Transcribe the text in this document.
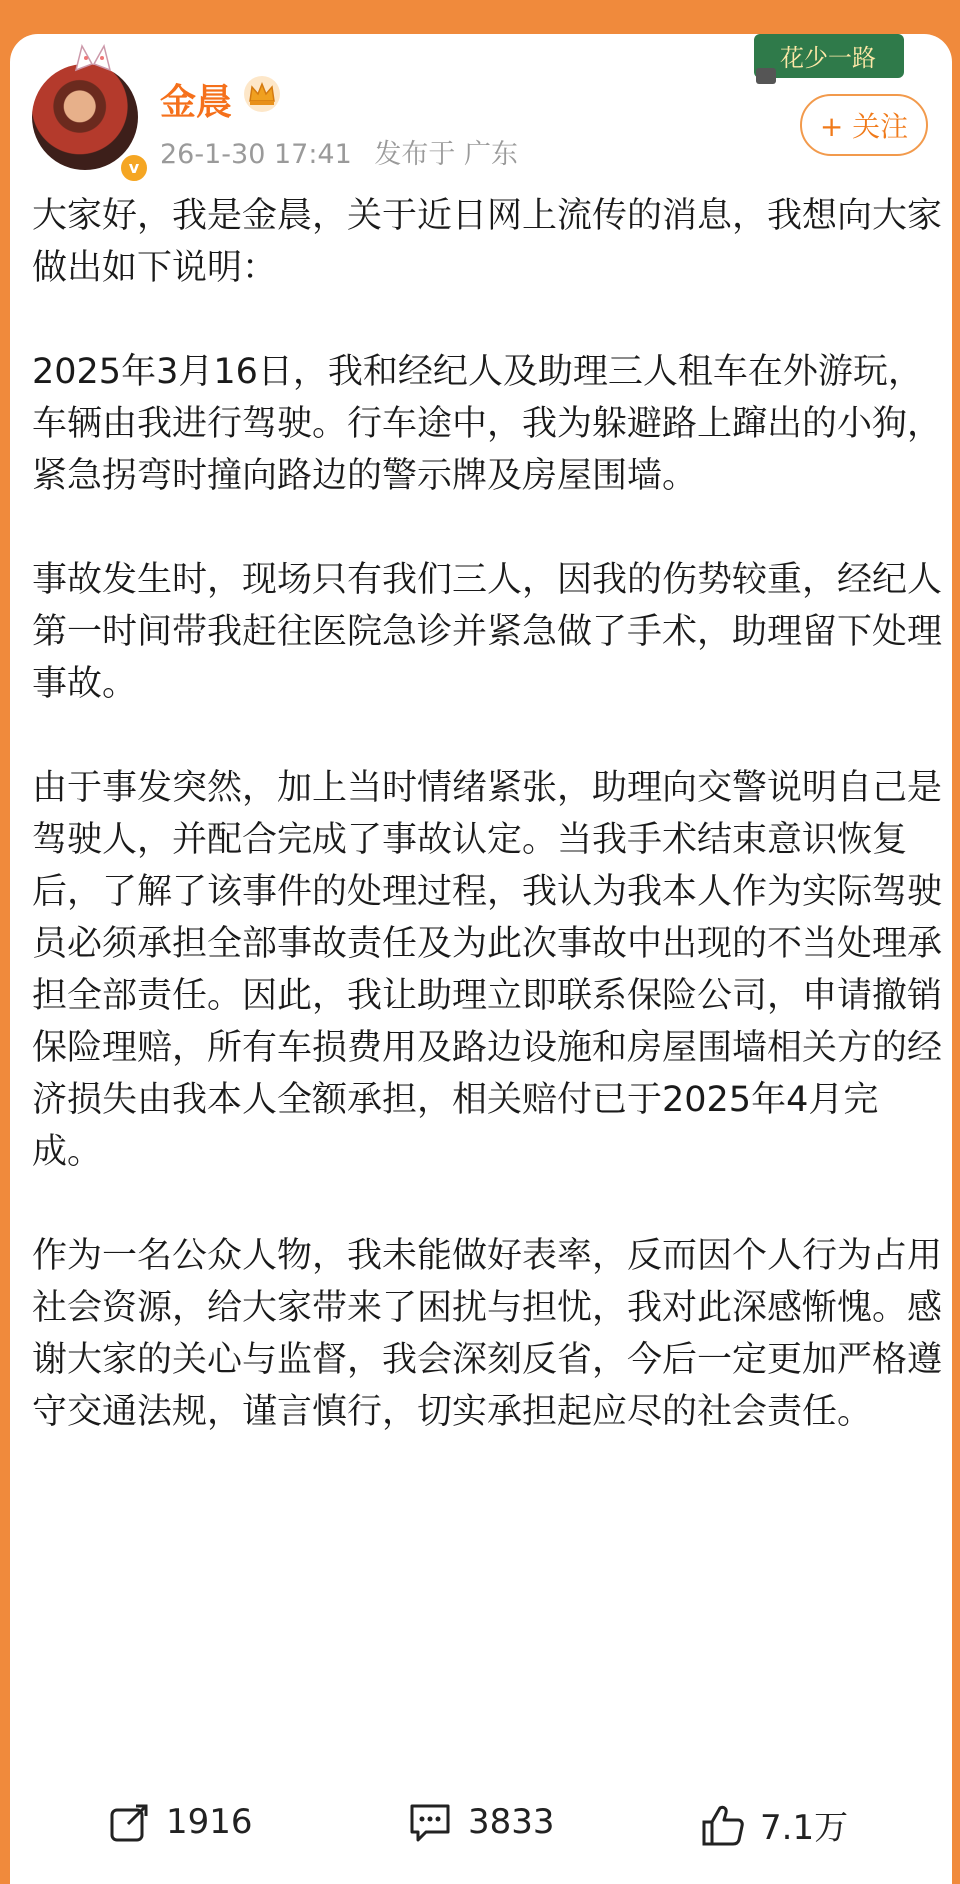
v
金晨
26-1-30 17:41 发布于 广东
花少一路
+ 关注

大家好，我是金晨，关于近日网上流传的消息，我想向大家做出如下说明：

2025年3月16日，我和经纪人及助理三人租车在外游玩，车辆由我进行驾驶。行车途中，我为躲避路上蹿出的小狗，紧急拐弯时撞向路边的警示牌及房屋围墙。

事故发生时，现场只有我们三人，因我的伤势较重，经纪人第一时间带我赶往医院急诊并紧急做了手术，助理留下处理事故。

由于事发突然，加上当时情绪紧张，助理向交警说明自己是驾驶人，并配合完成了事故认定。当我手术结束意识恢复后，了解了该事件的处理过程，我认为我本人作为实际驾驶员必须承担全部事故责任及为此次事故中出现的不当处理承担全部责任。因此，我让助理立即联系保险公司，申请撤销保险理赔，所有车损费用及路边设施和房屋围墙相关方的经济损失由我本人全额承担，相关赔付已于2025年4月完成。

作为一名公众人物，我未能做好表率，反而因个人行为占用社会资源，给大家带来了困扰与担忧，我对此深感惭愧。感谢大家的关心与监督，我会深刻反省，今后一定更加严格遵守交通法规，谨言慎行，切实承担起应尽的社会责任。

1916	3833	7.1万
